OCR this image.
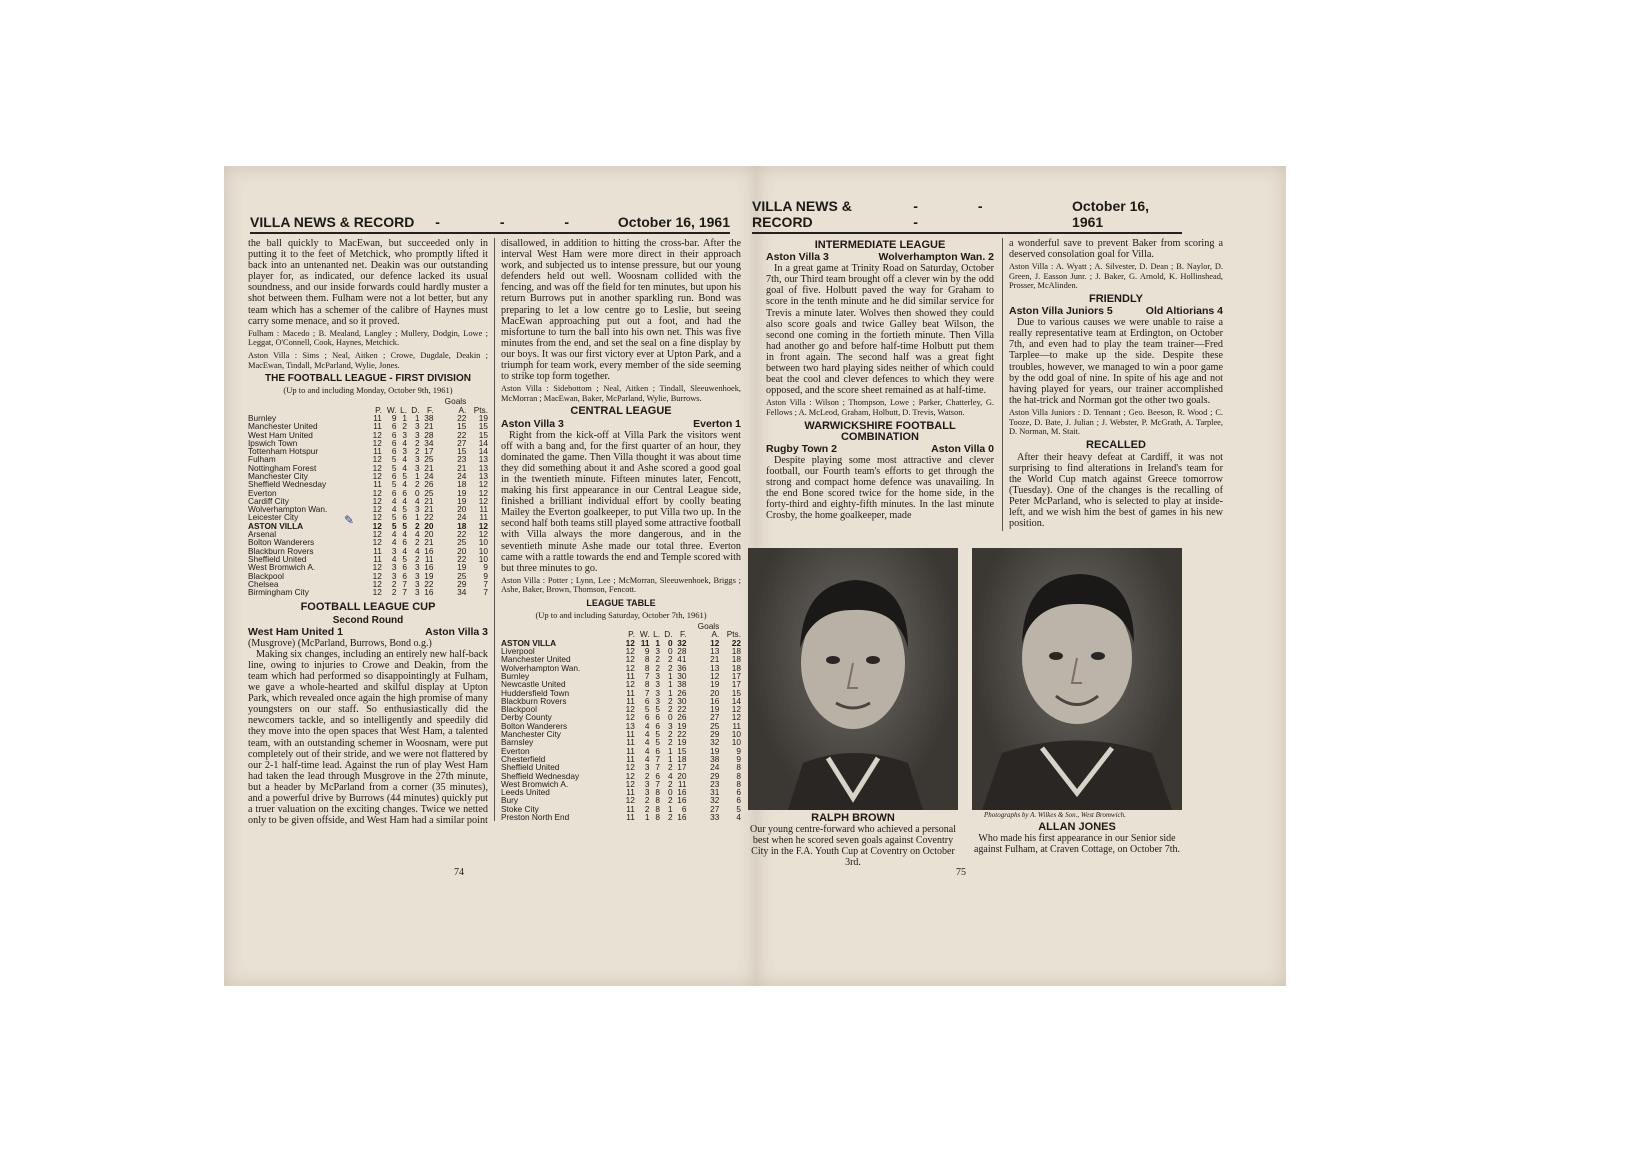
VILLA NEWS & RECORD - - - October 16, 1961

the ball quickly to MacEwan, but succeeded only in putting it to the feet of Metchick, who promptly lifted it back into an untenanted net. Deakin was our outstanding player for, as indicated, our defence lacked its usual soundness, and our inside forwards could hardly muster a shot between them. Fulham were not a lot better, but any team which has a schemer of the calibre of Haynes must carry some menace, and so it proved.

Fulham : Macedo ; B. Mealand, Langley ; Mullery, Dodgin, Lowe ; Leggat, O'Connell, Cook, Haynes, Metchick.

Aston Villa : Sims ; Neal, Aitken ; Crowe, Dugdale, Deakin ; MacEwan, Tindall, McParland, Wylie, Jones.

THE FOOTBALL LEAGUE - FIRST DIVISION
(Up to and including Monday, October 9th, 1961)
						Goals	
	P.	W.	L.	D.	F.	A.	Pts.
Burnley	11	9	1	1	38	22	19
Manchester United	11	6	2	3	21	15	15
West Ham United	12	6	3	3	28	22	15
Ipswich Town	12	6	4	2	34	27	14
Tottenham Hotspur	11	6	3	2	17	15	14
Fulham	12	5	4	3	25	23	13
Nottingham Forest	12	5	4	3	21	21	13
Manchester City	12	6	5	1	24	24	13
Sheffield Wednesday	11	5	4	2	26	18	12
Everton	12	6	6	0	25	19	12
Cardiff City	12	4	4	4	21	19	12
Wolverhampton Wan.	12	4	5	3	21	20	11
Leicester City	12	5	6	1	22	24	11
ASTON VILLA	12	5	5	2	20	18	12
Arsenal	12	4	4	4	20	22	12
Bolton Wanderers	12	4	6	2	21	25	10
Blackburn Rovers	11	3	4	4	16	20	10
Sheffield United	11	4	5	2	11	22	10
West Bromwich A.	12	3	6	3	16	19	9
Blackpool	12	3	6	3	19	25	9
Chelsea	12	2	7	3	22	29	7
Birmingham City	12	2	7	3	16	34	7
FOOTBALL LEAGUE CUP
Second Round
West Ham United 1	Aston Villa 3
(Musgrove) (McParland, Burrows, Bond o.g.)

Making six changes, including an entirely new half-back line, owing to injuries to Crowe and Deakin, from the team which had performed so disappointingly at Fulham, we gave a whole-hearted and skilful display at Upton Park, which revealed once again the high promise of many youngsters on our staff. So enthusiastically did the newcomers tackle, and so intelligently and speedily did they move into the open spaces that West Ham, a talented team, with an outstanding schemer in Woosnam, were put completely out of their stride, and we were not flattered by our 2-1 half-time lead. Against the run of play West Ham had taken the lead through Musgrove in the 27th minute, but a header by McParland from a corner (35 minutes), and a powerful drive by Burrows (44 minutes) quickly put a truer valuation on the exciting changes. Twice we netted only to be given offside, and West Ham had a similar point

disallowed, in addition to hitting the cross-bar. After the interval West Ham were more direct in their approach work, and subjected us to intense pressure, but our young defenders held out well. Woosnam collided with the fencing, and was off the field for ten minutes, but upon his return Burrows put in another sparkling run. Bond was preparing to let a low centre go to Leslie, but seeing MacEwan approaching put out a foot, and had the misfortune to turn the ball into his own net. This was five minutes from the end, and set the seal on a fine display by our boys. It was our first victory ever at Upton Park, and a triumph for team work, every member of the side seeming to strike top form together.

Aston Villa : Sidebottom ; Neal, Aitken ; Tindall, Sleeuwenhoek, McMorran ; MacEwan, Baker, McParland, Wylie, Burrows.

CENTRAL LEAGUE
Aston Villa 3	Everton 1

Right from the kick-off at Villa Park the visitors went off with a bang and, for the first quarter of an hour, they dominated the game. Then Villa thought it was about time they did something about it and Ashe scored a good goal in the twentieth minute. Fifteen minutes later, Fencott, making his first appearance in our Central League side, finished a brilliant individual effort by coolly beating Mailey the Everton goalkeeper, to put Villa two up. In the second half both teams still played some attractive football with Villa always the more dangerous, and in the seventieth minute Ashe made our total three. Everton came with a rattle towards the end and Temple scored with but three minutes to go.

Aston Villa : Potter ; Lynn, Lee ; McMorran, Sleeuwenhoek, Briggs ; Ashe, Baker, Brown, Thomson, Fencott.

LEAGUE TABLE
(Up to and including Saturday, October 7th, 1961)
						Goals	
	P.	W.	L.	D.	F.	A.	Pts.
ASTON VILLA	12	11	1	0	32	12	22
Liverpool	12	9	3	0	28	13	18
Manchester United	12	8	2	2	41	21	18
Wolverhampton Wan.	12	8	2	2	36	13	18
Burnley	11	7	3	1	30	12	17
Newcastle United	12	8	3	1	38	19	17
Huddersfield Town	11	7	3	1	26	20	15
Blackburn Rovers	11	6	3	2	30	16	14
Blackpool	12	5	5	2	22	19	12
Derby County	12	6	6	0	26	27	12
Bolton Wanderers	13	4	6	3	19	25	11
Manchester City	11	4	5	2	22	29	10
Barnsley	11	4	5	2	19	32	10
Everton	11	4	6	1	15	19	9
Chesterfield	11	4	7	1	18	38	9
Sheffield United	12	3	7	2	17	24	8
Sheffield Wednesday	12	2	6	4	20	29	8
West Bromwich A.	12	3	7	2	11	23	8
Leeds United	11	3	8	0	16	31	6
Bury	12	2	8	2	16	32	6
Stoke City	11	2	8	1	6	27	5
Preston North End	11	1	8	2	16	33	4
✎
74
VILLA NEWS & RECORD
- - -
October 16, 1961
INTERMEDIATE LEAGUE
Aston Villa 3	Wolverhampton Wan. 2

In a great game at Trinity Road on Saturday, October 7th, our Third team brought off a clever win by the odd goal of five. Holbutt paved the way for Graham to score in the tenth minute and he did similar service for Trevis a minute later. Wolves then showed they could also score goals and twice Galley beat Wilson, the second one coming in the fortieth minute. Then Villa had another go and before half-time Holbutt put them in front again. The second half was a great fight between two hard playing sides neither of which could beat the cool and clever defences to which they were opposed, and the score sheet remained as at half-time.

Aston Villa : Wilson ; Thompson, Lowe ; Parker, Chatterley, G. Fellows ; A. McLeod, Graham, Holbutt, D. Trevis, Watson.

WARWICKSHIRE FOOTBALL COMBINATION
Rugby Town 2	Aston Villa 0

Despite playing some most attractive and clever football, our Fourth team's efforts to get through the strong and compact home defence was unavailing. In the end Bone scored twice for the home side, in the forty-third and eighty-fifth minutes. In the last minute Crosby, the home goalkeeper, made

a wonderful save to prevent Baker from scoring a deserved consolation goal for Villa.

Aston Villa : A. Wyatt ; A. Silvester, D. Dean ; B. Naylor, D. Green, J. Easson Junr. ; J. Baker, G. Arnold, K. Hollinshead, Prosser, McAlinden.

FRIENDLY
Aston Villa Juniors 5	Old Altiorians 4

Due to various causes we were unable to raise a really representative team at Erdington, on October 7th, and even had to play the team trainer—Fred Tarplee—to make up the side. Despite these troubles, however, we managed to win a poor game by the odd goal of nine. In spite of his age and not having played for years, our trainer accomplished the hat-trick and Norman got the other two goals.

Aston Villa Juniors : D. Tennant ; Geo. Beeson, R. Wood ; C. Tooze, D. Bate, J. Julian ; J. Webster, P. McGrath, A. Tarplee, D. Norman, M. Stait.

RECALLED

After their heavy defeat at Cardiff, it was not surprising to find alterations in Ireland's team for the World Cup match against Greece tomorrow (Tuesday). One of the changes is the recalling of Peter McParland, who is selected to play at inside-left, and we wish him the best of games in his new position.

RALPH BROWN
Our young centre-forward who achieved a personal best when he scored seven goals against Coventry City in the F.A. Youth Cup at Coventry on October 3rd.
Photographs by A. Wilkes & Son., West Bromwich.
ALLAN JONES
Who made his first appearance in our Senior side against Fulham, at Craven Cottage, on October 7th.
75
